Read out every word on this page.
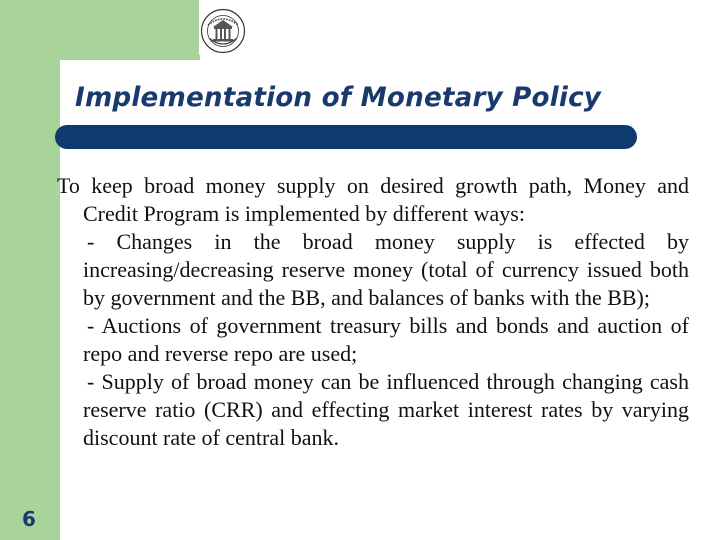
Implementation of Monetary Policy

To keep broad money supply on desired growth path, Money and Credit Program is implemented by different ways:

- Changes in the broad money supply is effected by increasing/decreasing reserve money (total of currency issued both by government and the BB, and balances of banks with the BB);

- Auctions of government treasury bills and bonds and auction of repo and reverse repo are used;

- Supply of broad money can be influenced through changing cash reserve ratio (CRR) and effecting market interest rates by varying discount rate of central bank.

6
